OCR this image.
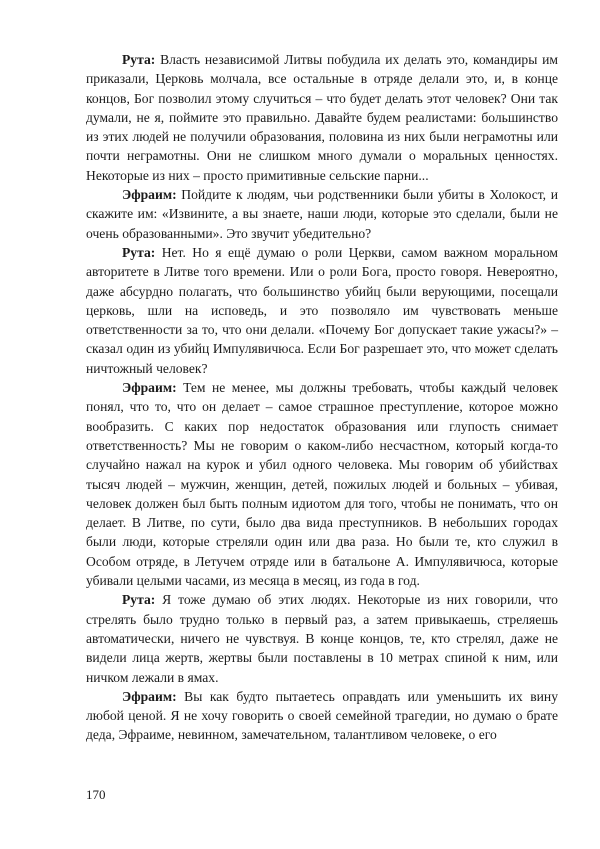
Рута: Власть независимой Литвы побудила их делать это, командиры им приказали, Церковь молчала, все остальные в отряде делали это, и, в конце концов, Бог позволил этому случиться – что будет делать этот человек? Они так думали, не я, поймите это правильно. Давайте будем реалистами: большинство из этих людей не получили образования, половина из них были неграмотны или почти неграмотны. Они не слишком много думали о моральных ценностях. Некоторые из них – просто примитивные сельские парни...

Эфраим: Пойдите к людям, чьи родственники были убиты в Холокост, и скажите им: «Извините, а вы знаете, наши люди, которые это сделали, были не очень образованными». Это звучит убедительно?

Рута: Нет. Но я ещё думаю о роли Церкви, самом важном моральном авторитете в Литве того времени. Или о роли Бога, просто говоря. Невероятно, даже абсурдно полагать, что большинство убийц были верующими, посещали церковь, шли на исповедь, и это позволяло им чувствовать меньше ответственности за то, что они делали. «Почему Бог допускает такие ужасы?» – сказал один из убийц Импулявичюса. Если Бог разрешает это, что может сделать ничтожный человек?

Эфраим: Тем не менее, мы должны требовать, чтобы каждый человек понял, что то, что он делает – самое страшное преступление, которое можно вообразить. С каких пор недостаток образования или глупость снимает ответственность? Мы не говорим о каком-либо несчастном, который когда-то случайно нажал на курок и убил одного человека. Мы говорим об убийствах тысяч людей – мужчин, женщин, детей, пожилых людей и больных – убивая, человек должен был быть полным идиотом для того, чтобы не понимать, что он делает. В Литве, по сути, было два вида преступников. В небольших городах были люди, которые стреляли один или два раза. Но были те, кто служил в Особом отряде, в Летучем отряде или в батальоне А. Импулявичюса, которые убивали целыми часами, из месяца в месяц, из года в год.

Рута: Я тоже думаю об этих людях. Некоторые из них говорили, что стрелять было трудно только в первый раз, а затем привыкаешь, стреляешь автоматически, ничего не чувствуя. В конце концов, те, кто стрелял, даже не видели лица жертв, жертвы были поставлены в 10 метрах спиной к ним, или ничком лежали в ямах.

Эфраим: Вы как будто пытаетесь оправдать или уменьшить их вину любой ценой. Я не хочу говорить о своей семейной трагедии, но думаю о брате деда, Эфраиме, невинном, замечательном, талантливом человеке, о его

170
